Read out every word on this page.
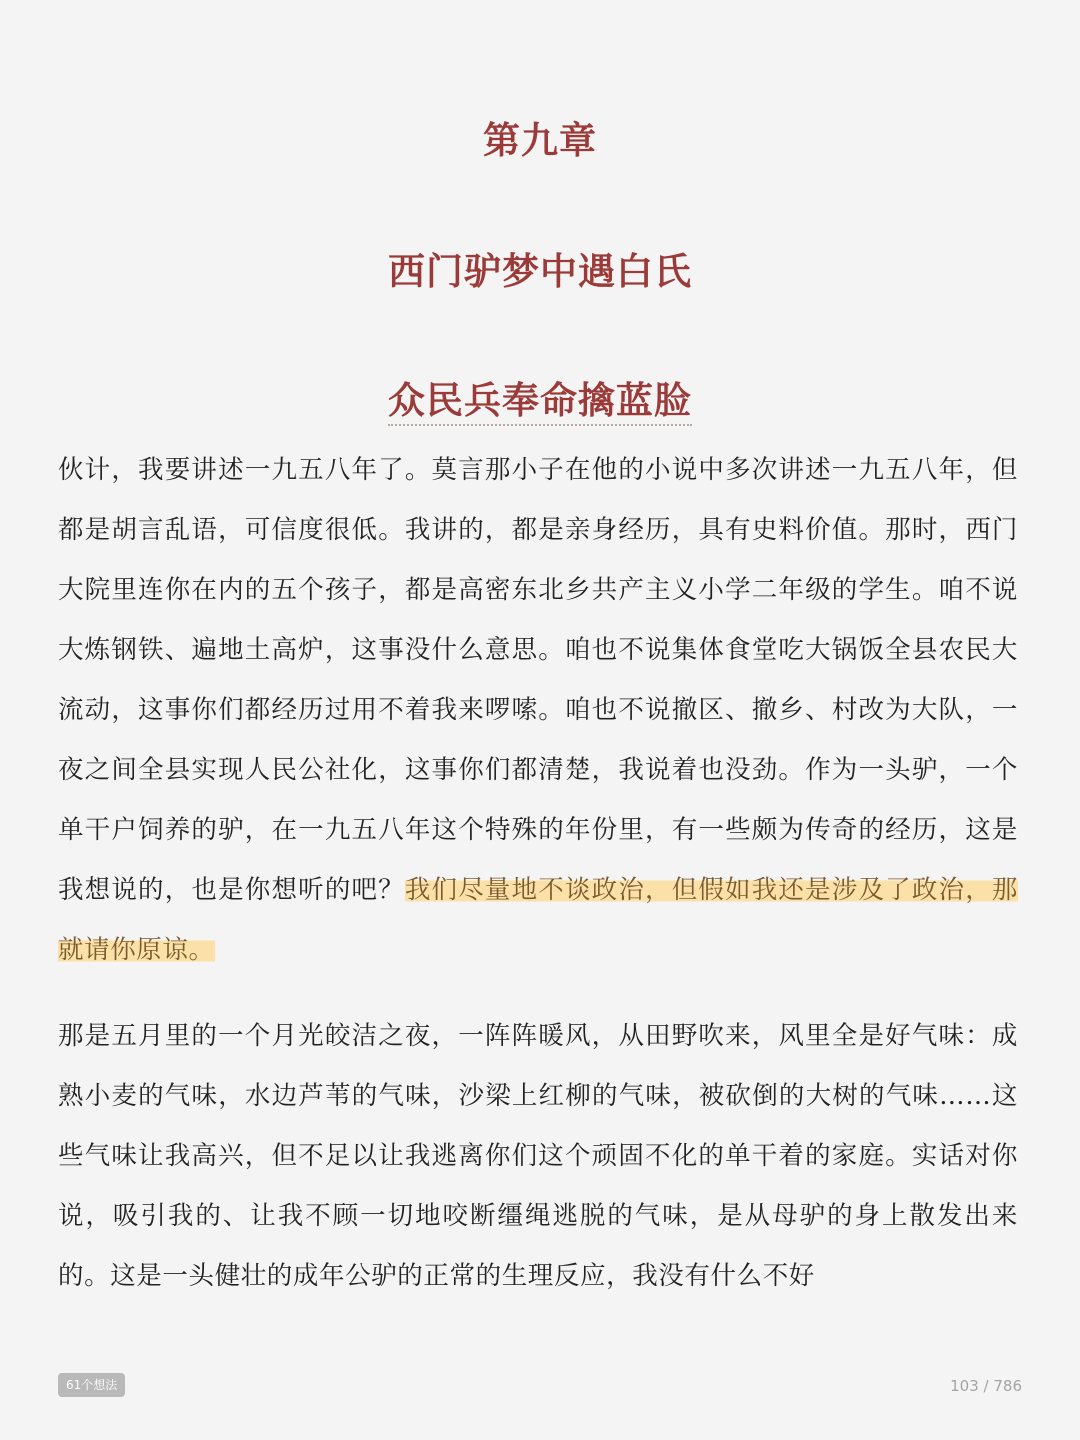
第九章
西门驴梦中遇白氏
众民兵奉命擒蓝脸

伙计，我要讲述一九五八年了。莫言那小子在他的小说中多次讲述一九五八年，但都是胡言乱语，可信度很低。我讲的，都是亲身经历，具有史料价值。那时，西门大院里连你在内的五个孩子，都是高密东北乡共产主义小学二年级的学生。咱不说大炼钢铁、遍地土高炉，这事没什么意思。咱也不说集体食堂吃大锅饭全县农民大流动，这事你们都经历过用不着我来啰嗦。咱也不说撤区、撤乡、村改为大队，一夜之间全县实现人民公社化，这事你们都清楚，我说着也没劲。作为一头驴，一个单干户饲养的驴，在一九五八年这个特殊的年份里，有一些颇为传奇的经历，这是我想说的，也是你想听的吧？我们尽量地不谈政治，但假如我还是涉及了政治，那就请你原谅。

那是五月里的一个月光皎洁之夜，一阵阵暖风，从田野吹来，风里全是好气味：成熟小麦的气味，水边芦苇的气味，沙梁上红柳的气味，被砍倒的大树的气味……这些气味让我高兴，但不足以让我逃离你们这个顽固不化的单干着的家庭。实话对你说，吸引我的、让我不顾一切地咬断缰绳逃脱的气味，是从母驴的身上散发出来的。这是一头健壮的成年公驴的正常的生理反应，我没有什么不好

61个想法	103 / 786
